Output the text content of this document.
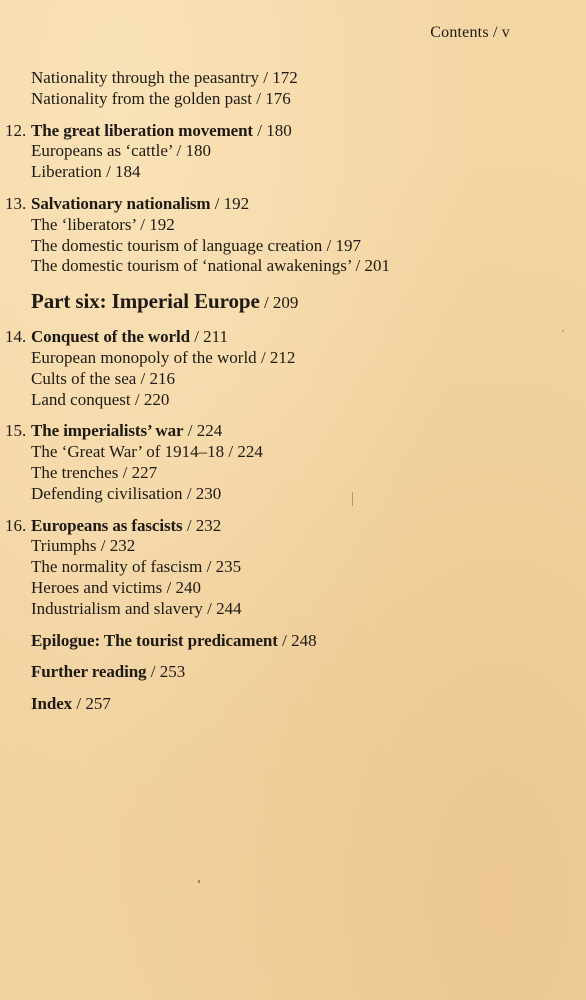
Contents / v
Nationality through the peasantry / 172
Nationality from the golden past / 176
12. The great liberation movement / 180
Europeans as ‘cattle’ / 180
Liberation / 184
13. Salvationary nationalism / 192
The ‘liberators’ / 192
The domestic tourism of language creation / 197
The domestic tourism of ‘national awakenings’ / 201
Part six: Imperial Europe / 209
14. Conquest of the world / 211
European monopoly of the world / 212
Cults of the sea / 216
Land conquest / 220
15. The imperialists’ war / 224
The ‘Great War’ of 1914–18 / 224
The trenches / 227
Defending civilisation / 230
16. Europeans as fascists / 232
Triumphs / 232
The normality of fascism / 235
Heroes and victims / 240
Industrialism and slavery / 244
Epilogue: The tourist predicament / 248
Further reading / 253
Index / 257
